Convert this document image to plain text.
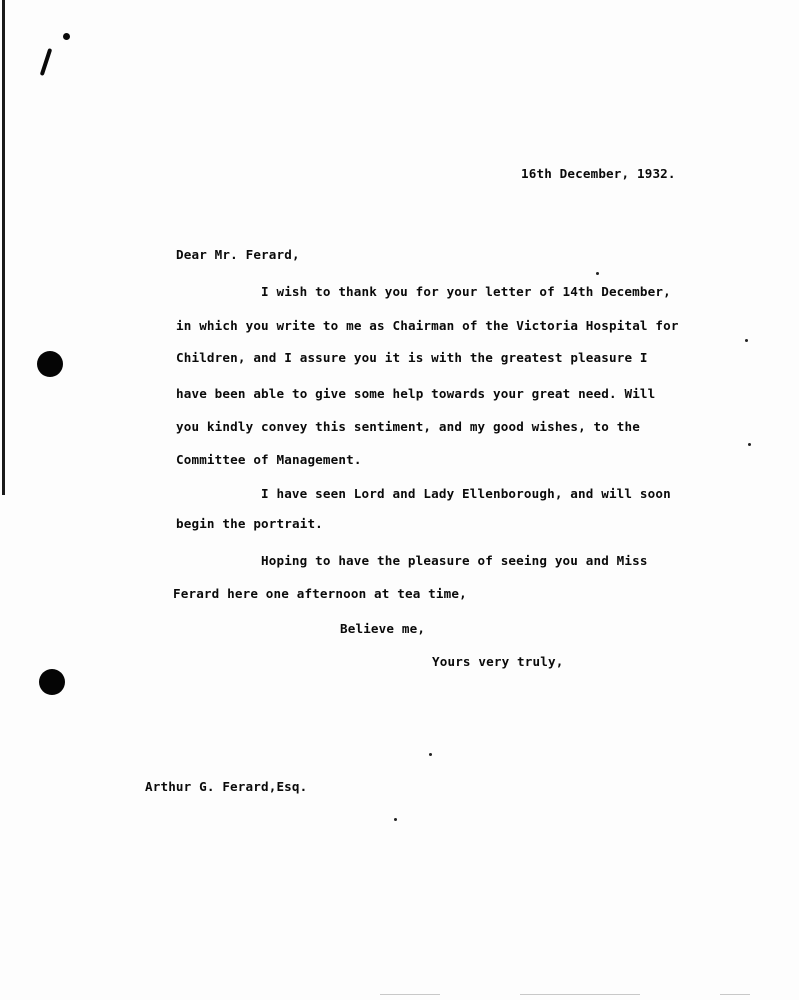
16th December, 1932.
Dear Mr. Ferard,
I wish to thank you for your letter of 14th December,
in which you write to me as Chairman of the Victoria Hospital for
Children, and I assure you it is with the greatest pleasure I
have been able to give some help towards your great need. Will
you kindly convey this sentiment, and my good wishes, to the
Committee of Management.
I have seen Lord and Lady Ellenborough, and will soon
begin the portrait.
Hoping to have the pleasure of seeing you and Miss
Ferard here one afternoon at tea time,
Believe me,
Yours very truly,
Arthur G. Ferard,Esq.
